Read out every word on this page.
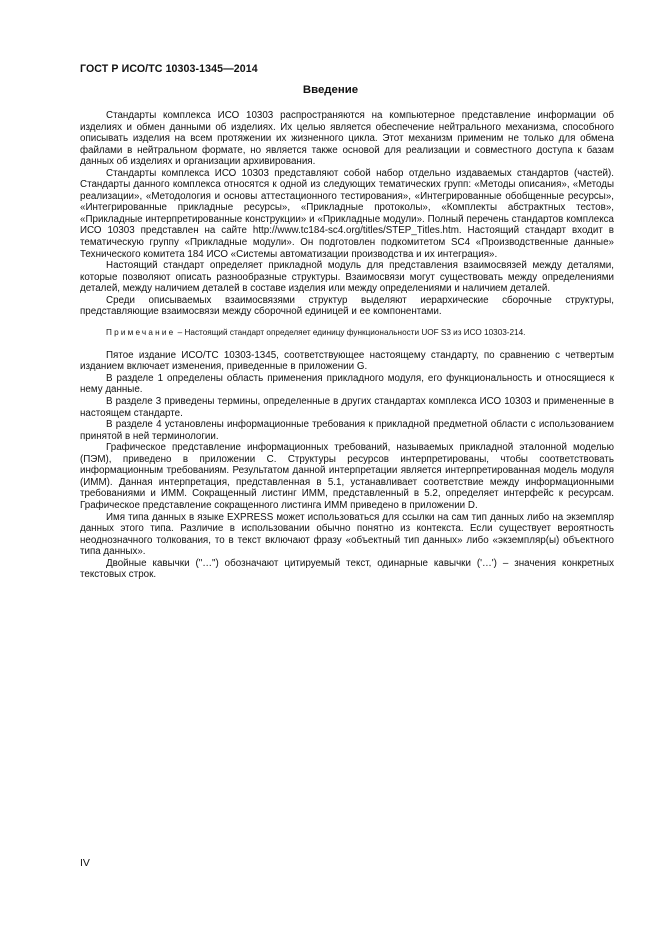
ГОСТ Р ИСО/ТС 10303-1345—2014
Введение

Стандарты комплекса ИСО 10303 распространяются на компьютерное представление информации об изделиях и обмен данными об изделиях. Их целью является обеспечение нейтрального механизма, способного описывать изделия на всем протяжении их жизненного цикла. Этот механизм применим не только для обмена файлами в нейтральном формате, но является также основой для реализации и совместного доступа к базам данных об изделиях и организации архивирования.

Стандарты комплекса ИСО 10303 представляют собой набор отдельно издаваемых стандартов (частей). Стандарты данного комплекса относятся к одной из следующих тематических групп: «Методы описания», «Методы реализации», «Методология и основы аттестационного тестирования», «Интегрированные обобщенные ресурсы», «Интегрированные прикладные ресурсы», «Прикладные протоколы», «Комплекты абстрактных тестов», «Прикладные интерпретированные конструкции» и «Прикладные модули». Полный перечень стандартов комплекса ИСО 10303 представлен на сайте http://www.tc184-sc4.org/titles/STEP_Titles.htm. Настоящий стандарт входит в тематическую группу «Прикладные модули». Он подготовлен подкомитетом SC4 «Производственные данные» Технического комитета 184 ИСО «Системы автоматизации производства и их интеграция».

Настоящий стандарт определяет прикладной модуль для представления взаимосвязей между деталями, которые позволяют описать разнообразные структуры. Взаимосвязи могут существовать между определениями деталей, между наличием деталей в составе изделия или между определениями и наличием деталей.

Среди описываемых взаимосвязями структур выделяют иерархические сборочные структуры, представляющие взаимосвязи между сборочной единицей и ее компонентами.

Примечание – Настоящий стандарт определяет единицу функциональности UOF S3 из ИСО 10303-214.

Пятое издание ИСО/ТС 10303-1345, соответствующее настоящему стандарту, по сравнению с четвертым изданием включает изменения, приведенные в приложении G.

В разделе 1 определены область применения прикладного модуля, его функциональность и относящиеся к нему данные.

В разделе 3 приведены термины, определенные в других стандартах комплекса ИСО 10303 и примененные в настоящем стандарте.

В разделе 4 установлены информационные требования к прикладной предметной области с использованием принятой в ней терминологии.

Графическое представление информационных требований, называемых прикладной эталонной моделью (ПЭМ), приведено в приложении C. Структуры ресурсов интерпретированы, чтобы соответствовать информационным требованиям. Результатом данной интерпретации является интерпретированная модель модуля (ИММ). Данная интерпретация, представленная в 5.1, устанавливает соответствие между информационными требованиями и ИММ. Сокращенный листинг ИММ, представленный в 5.2, определяет интерфейс к ресурсам. Графическое представление сокращенного листинга ИММ приведено в приложении D.

Имя типа данных в языке EXPRESS может использоваться для ссылки на сам тип данных либо на экземпляр данных этого типа. Различие в использовании обычно понятно из контекста. Если существует вероятность неоднозначного толкования, то в текст включают фразу «объектный тип данных» либо «экземпляр(ы) объектного типа данных».

Двойные кавычки ("…") обозначают цитируемый текст, одинарные кавычки ('…') – значения конкретных текстовых строк.

IV
